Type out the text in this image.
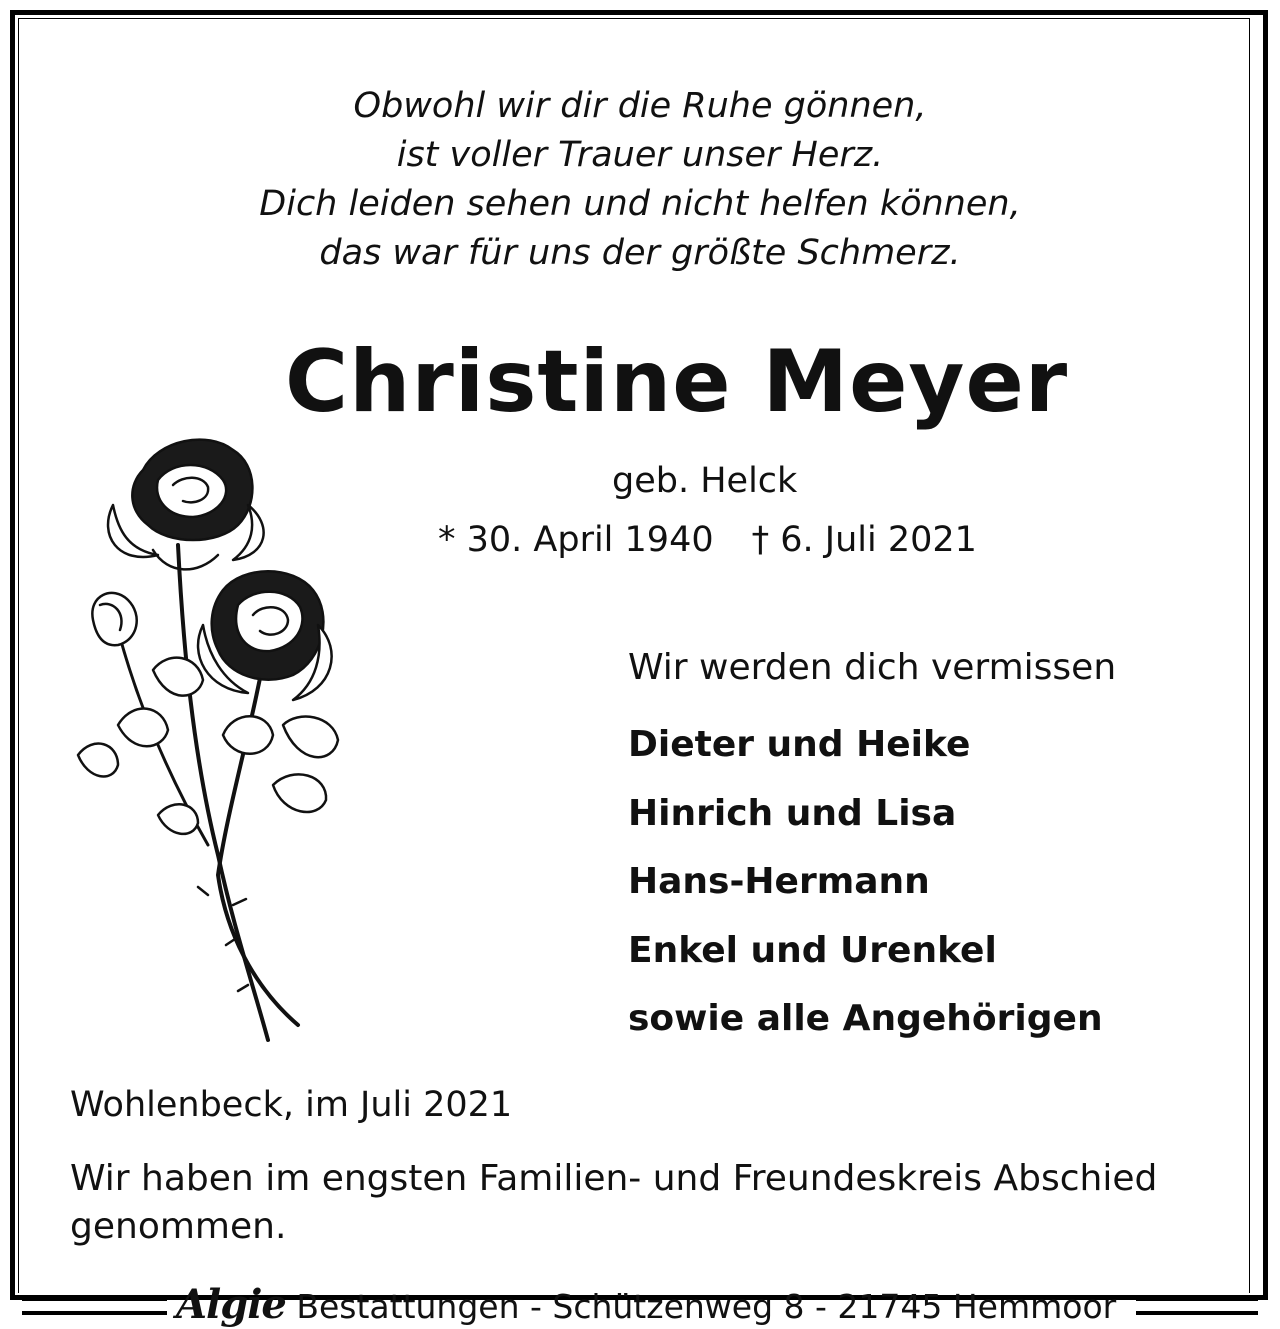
Obwohl wir dir die Ruhe gönnen,
ist voller Trauer unser Herz.
Dich leiden sehen und nicht helfen können,
das war für uns der größte Schmerz.
Christine Meyer
geb. Helck
* 30. April 1940 † 6. Juli 2021
Wir werden dich vermissen
Dieter und Heike
Hinrich und Lisa
Hans-Hermann
Enkel und Urenkel
sowie alle Angehörigen
Wohlenbeck, im Juli 2021
Wir haben im engsten Familien- und Freundeskreis Abschied genommen.
Algie Bestattungen - Schützenweg 8 - 21745 Hemmoor
